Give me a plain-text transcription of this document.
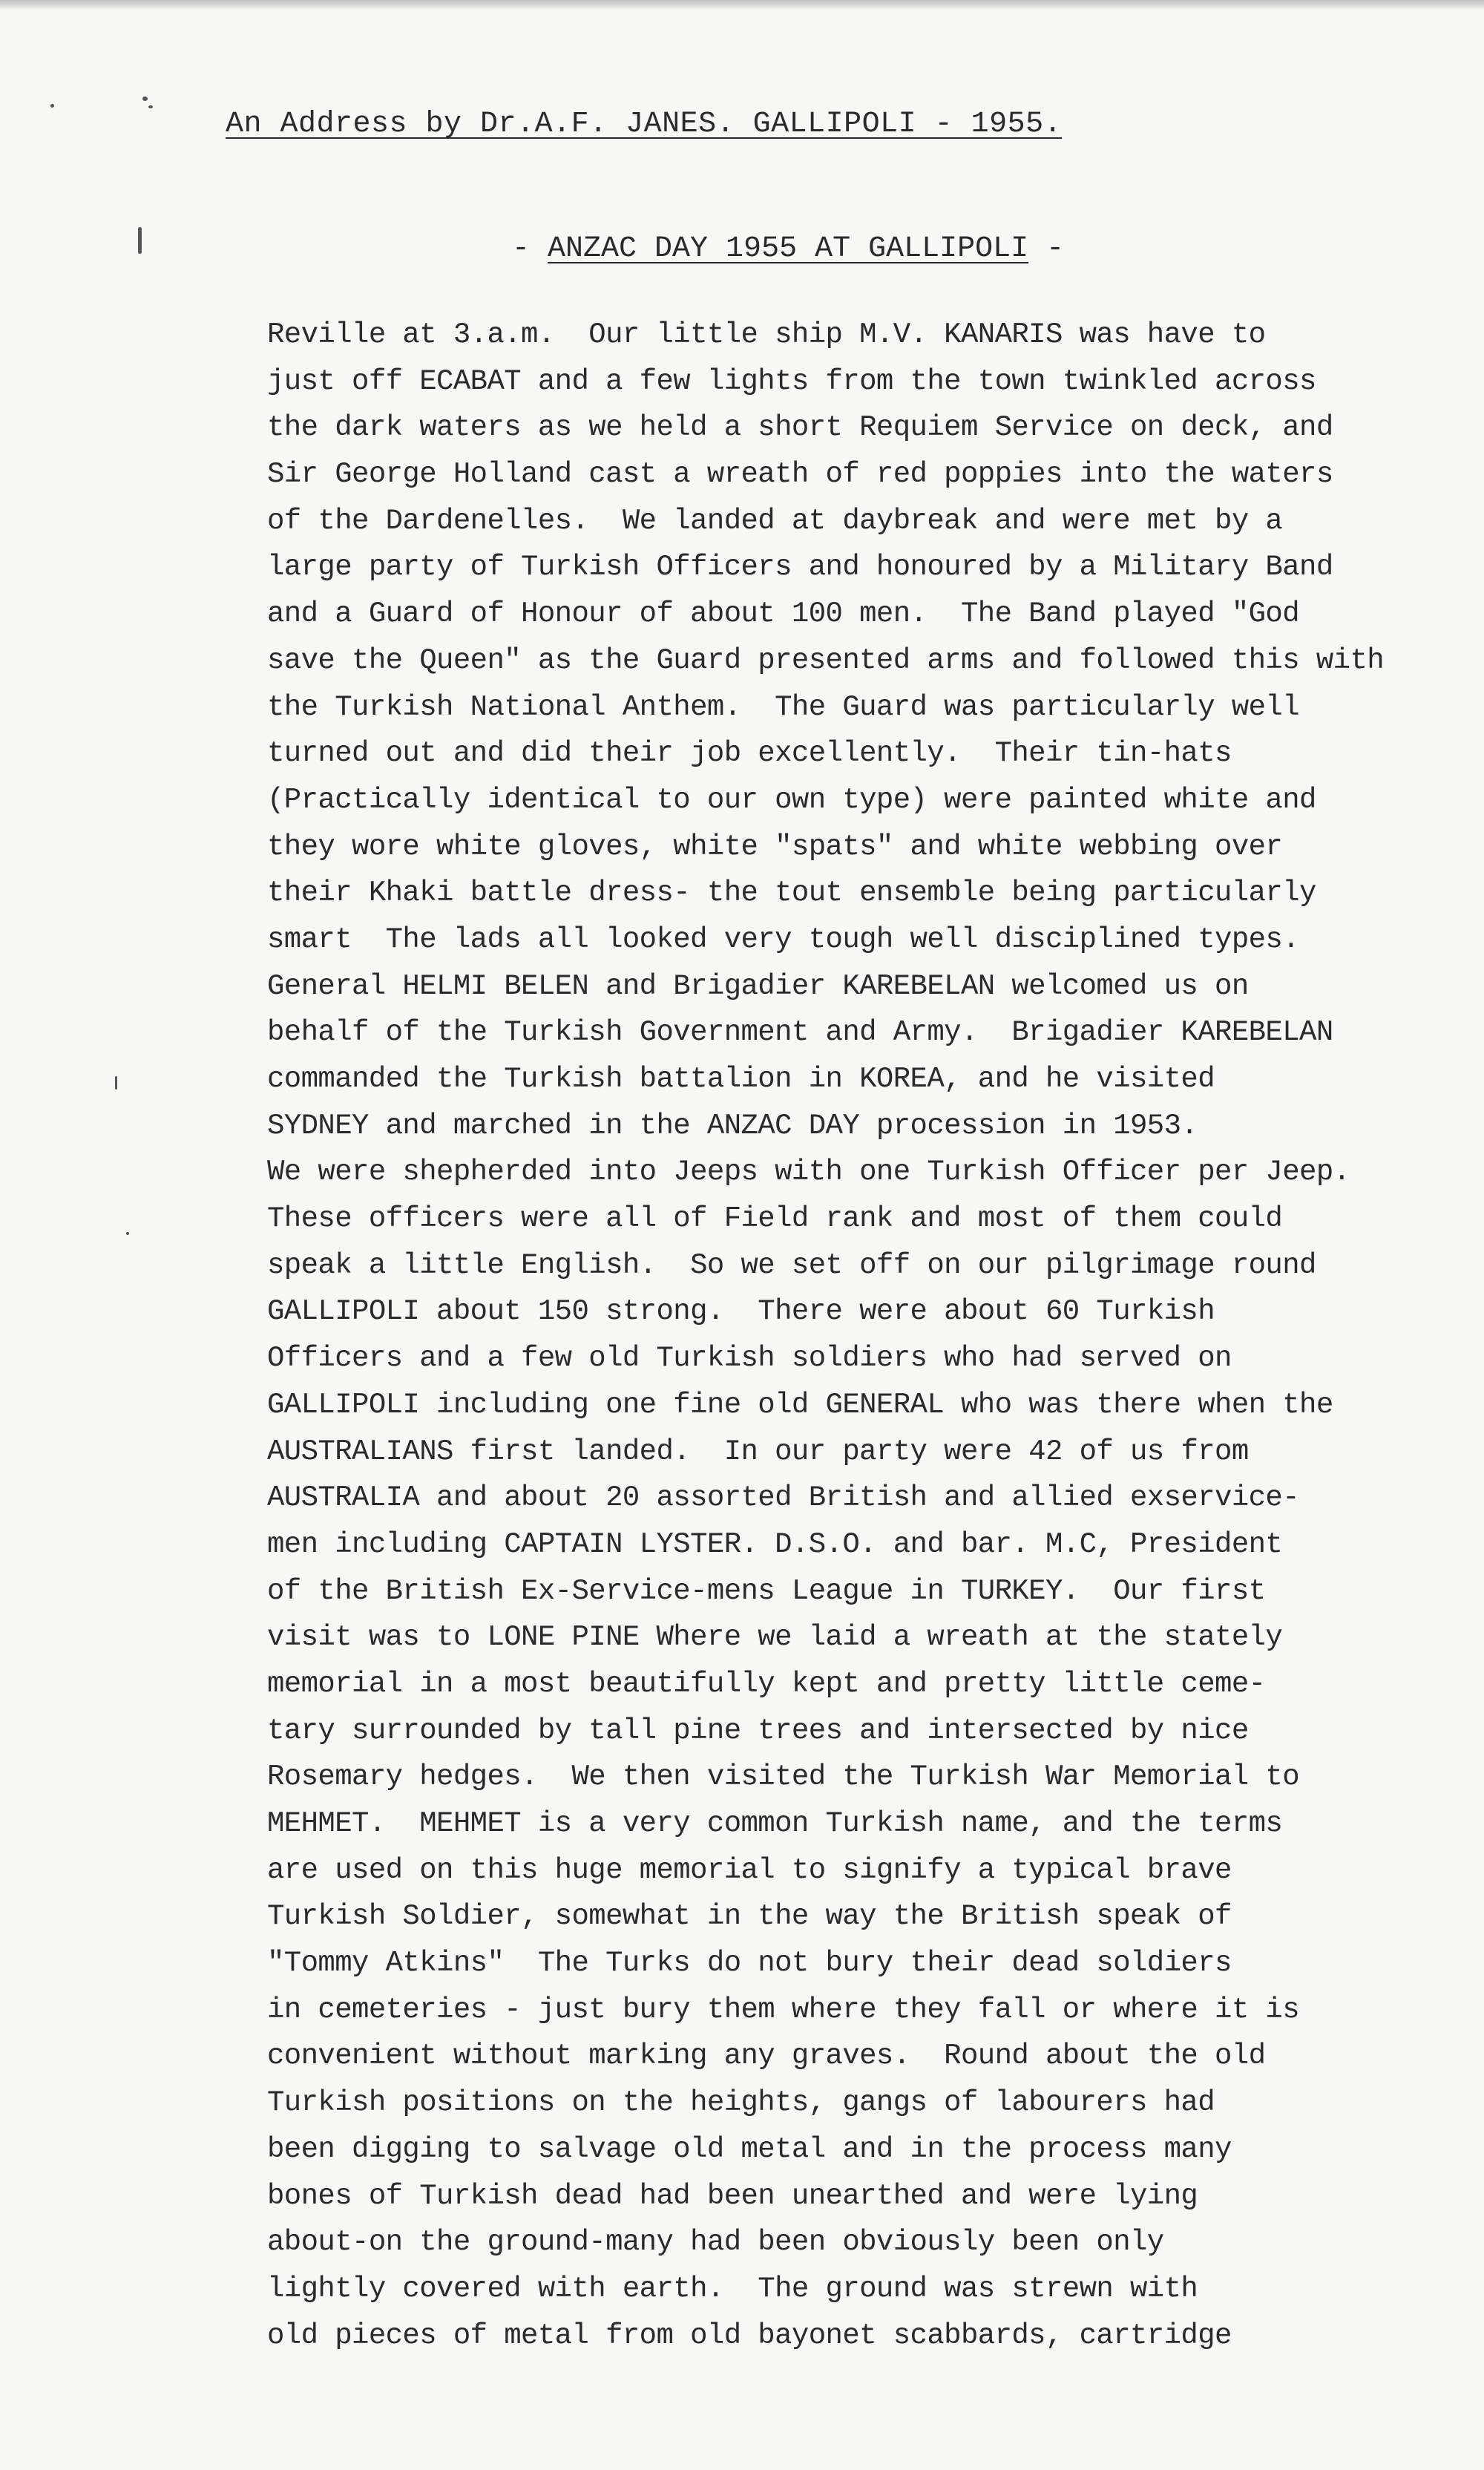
An Address by Dr.A.F. JANES. GALLIPOLI - 1955.
- ANZAC DAY 1955 AT GALLIPOLI -
Reville at 3.a.m.  Our little ship M.V. KANARIS was have to
just off ECABAT and a few lights from the town twinkled across
the dark waters as we held a short Requiem Service on deck, and
Sir George Holland cast a wreath of red poppies into the waters
of the Dardenelles.  We landed at daybreak and were met by a
large party of Turkish Officers and honoured by a Military Band
and a Guard of Honour of about 100 men.  The Band played "God
save the Queen" as the Guard presented arms and followed this with
the Turkish National Anthem.  The Guard was particularly well
turned out and did their job excellently.  Their tin-hats
(Practically identical to our own type) were painted white and
they wore white gloves, white "spats" and white webbing over
their Khaki battle dress- the tout ensemble being particularly
smart  The lads all looked very tough well disciplined types.
General HELMI BELEN and Brigadier KAREBELAN welcomed us on
behalf of the Turkish Government and Army.  Brigadier KAREBELAN
commanded the Turkish battalion in KOREA, and he visited
SYDNEY and marched in the ANZAC DAY procession in 1953.
We were shepherded into Jeeps with one Turkish Officer per Jeep.
These officers were all of Field rank and most of them could
speak a little English.  So we set off on our pilgrimage round
GALLIPOLI about 150 strong.  There were about 60 Turkish
Officers and a few old Turkish soldiers who had served on
GALLIPOLI including one fine old GENERAL who was there when the
AUSTRALIANS first landed.  In our party were 42 of us from
AUSTRALIA and about 20 assorted British and allied exservice-
men including CAPTAIN LYSTER. D.S.O. and bar. M.C, President
of the British Ex-Service-mens League in TURKEY.  Our first
visit was to LONE PINE Where we laid a wreath at the stately
memorial in a most beautifully kept and pretty little ceme-
tary surrounded by tall pine trees and intersected by nice
Rosemary hedges.  We then visited the Turkish War Memorial to
MEHMET.  MEHMET is a very common Turkish name, and the terms
are used on this huge memorial to signify a typical brave
Turkish Soldier, somewhat in the way the British speak of
"Tommy Atkins"  The Turks do not bury their dead soldiers
in cemeteries - just bury them where they fall or where it is
convenient without marking any graves.  Round about the old
Turkish positions on the heights, gangs of labourers had
been digging to salvage old metal and in the process many
bones of Turkish dead had been unearthed and were lying
about-on the ground-many had been obviously been only
lightly covered with earth.  The ground was strewn with
old pieces of metal from old bayonet scabbards, cartridge
